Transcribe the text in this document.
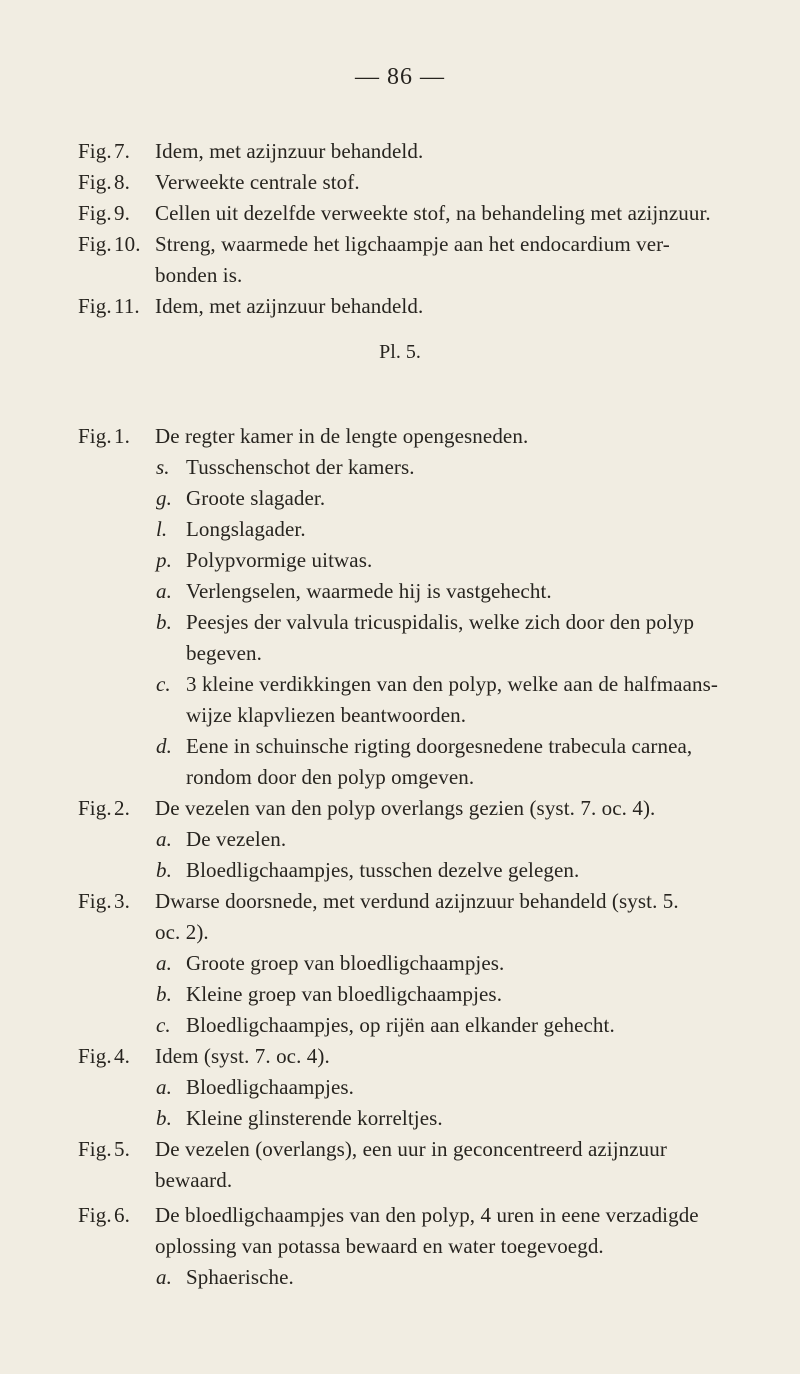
— 86 —
Fig. 7. Idem, met azijnzuur behandeld.
Fig. 8. Verweekte centrale stof.
Fig. 9. Cellen uit dezelfde verweekte stof, na behandeling met azijnzuur.
Fig. 10. Streng, waarmede het ligchaampje aan het endocardium ver-
bonden is.
Fig. 11. Idem, met azijnzuur behandeld.
Pl. 5.
Fig. 1. De regter kamer in de lengte opengesneden.
s. Tusschenschot der kamers.
g. Groote slagader.
l. Longslagader.
p. Polypvormige uitwas.
a. Verlengselen, waarmede hij is vastgehecht.
b. Peesjes der valvula tricuspidalis, welke zich door den polyp
begeven.
c. 3 kleine verdikkingen van den polyp, welke aan de halfmaans-
wijze klapvliezen beantwoorden.
d. Eene in schuinsche rigting doorgesnedene trabecula carnea,
rondom door den polyp omgeven.
Fig. 2. De vezelen van den polyp overlangs gezien (syst. 7. oc. 4).
a. De vezelen.
b. Bloedligchaampjes, tusschen dezelve gelegen.
Fig. 3. Dwarse doorsnede, met verdund azijnzuur behandeld (syst. 5.
oc. 2).
a. Groote groep van bloedligchaampjes.
b. Kleine groep van bloedligchaampjes.
c. Bloedligchaampjes, op rijën aan elkander gehecht.
Fig. 4. Idem (syst. 7. oc. 4).
a. Bloedligchaampjes.
b. Kleine glinsterende korreltjes.
Fig. 5. De vezelen (overlangs), een uur in geconcentreerd azijnzuur
bewaard.
Fig. 6. De bloedligchaampjes van den polyp, 4 uren in eene verzadigde
oplossing van potassa bewaard en water toegevoegd.
a. Sphaerische.
